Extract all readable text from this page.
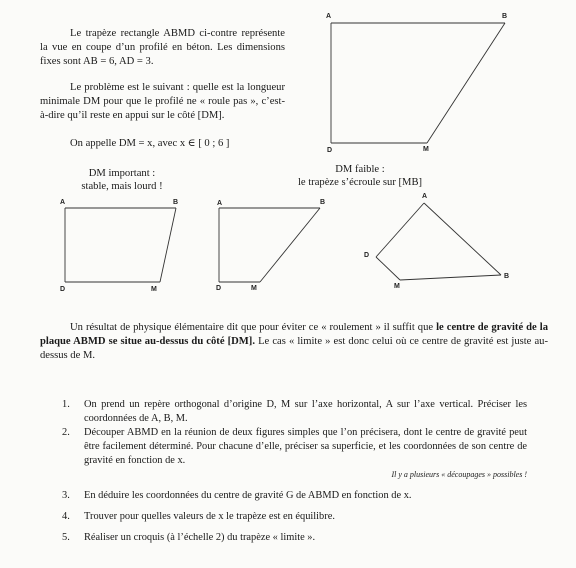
Le trapèze rectangle ABMD ci-contre représente la vue en coupe d’un profilé en béton. Les dimensions fixes sont AB = 6, AD = 3.
Le problème est le suivant : quelle est la longueur minimale DM pour que le profilé ne « roule pas », c’est-à-dire qu’il reste en appui sur le côté [DM].
On appelle DM = x, avec x ∈ [ 0 ; 6 ]
A	B
D	M
DM important :
stable, mais lourd !
DM faible :
le trapèze s’écroule sur [MB]
A	B
D	M
A	B
D	M
A
B
D
M
Un résultat de physique élémentaire dit que pour éviter ce « roulement » il suffit que le centre de gravité de la plaque ABMD se situe au-dessus du côté [DM]. Le cas « limite » est donc celui où ce centre de gravité est juste au-dessus de M.
1. On prend un repère orthogonal d’origine D, M sur l’axe horizontal, A sur l’axe vertical. Préciser les coordonnées de A, B, M.
2. Découper ABMD en la réunion de deux figures simples que l’on précisera, dont le centre de gravité peut être facilement déterminé. Pour chacune d’elle, préciser sa superficie, et les coordonnées de son centre de gravité en fonction de x.
Il y a plusieurs « découpages » possibles !
3. En déduire les coordonnées du centre de gravité G de ABMD en fonction de x.
4. Trouver pour quelles valeurs de x le trapèze est en équilibre.
5. Réaliser un croquis (à l’échelle 2) du trapèze « limite ».
